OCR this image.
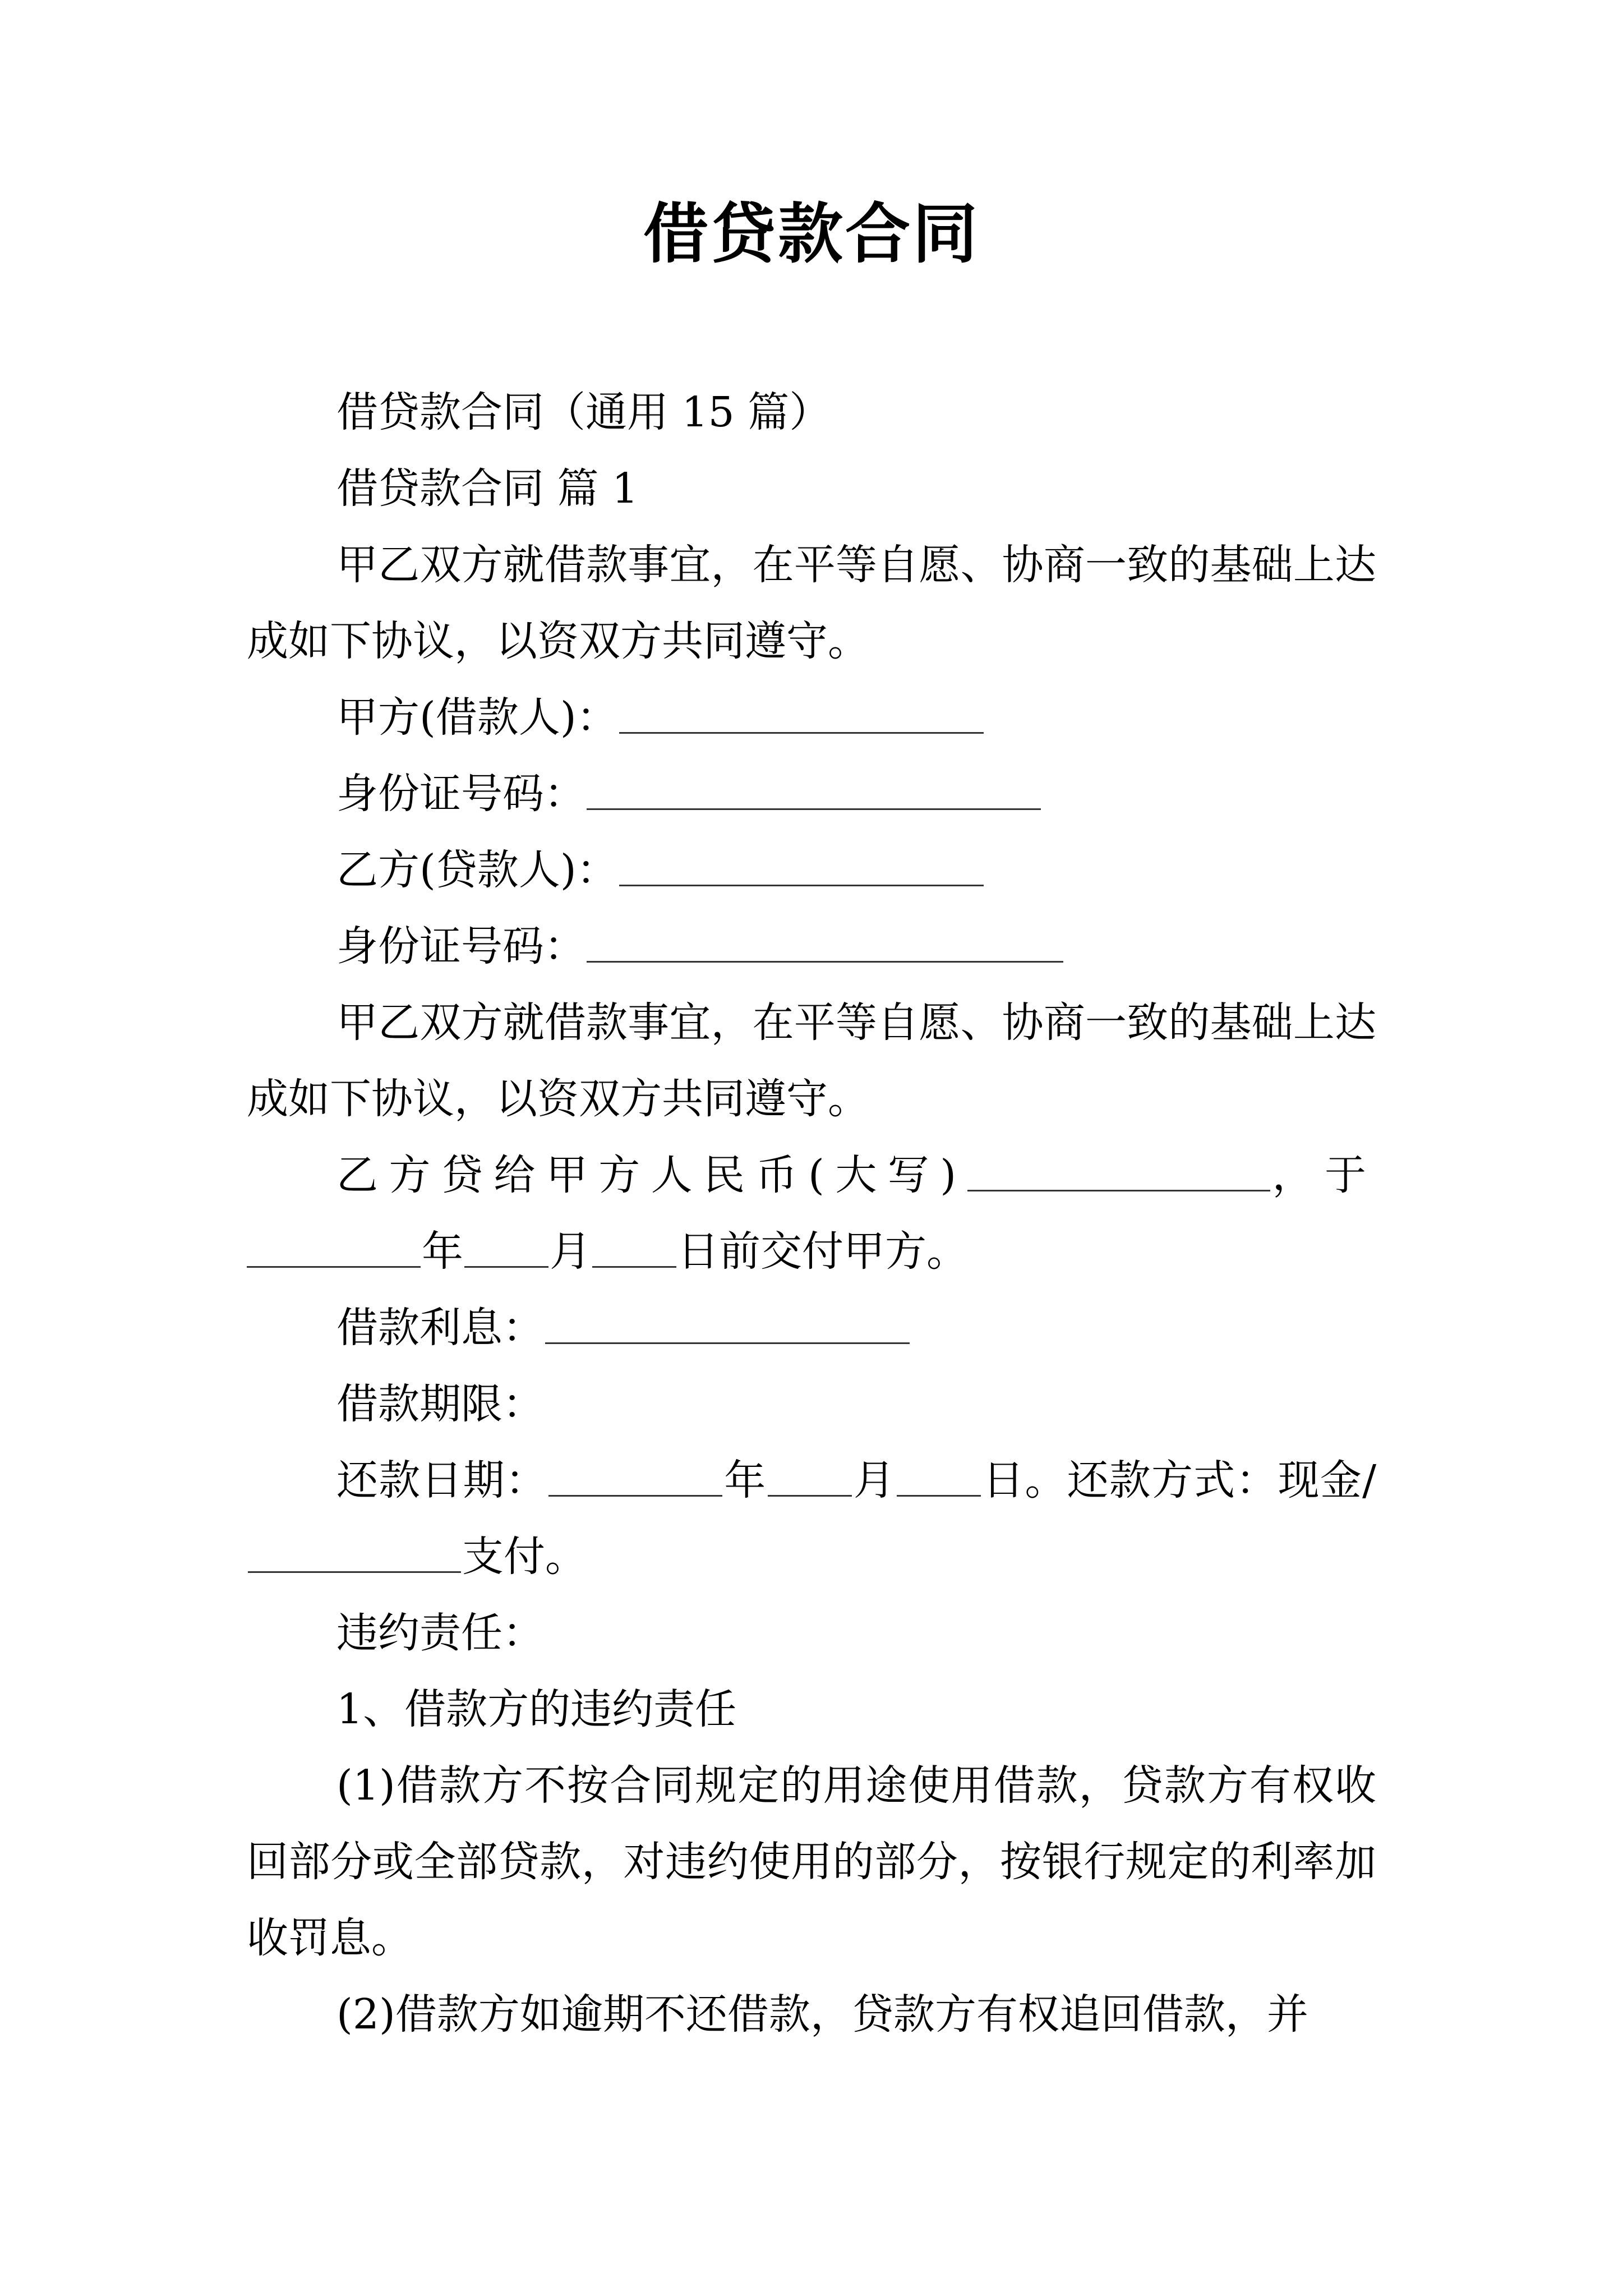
借贷款合同

借贷款合同（通用 15 篇）

借贷款合同 篇 1

甲乙双方就借款事宜，在平等自愿、协商一致的基础上达成如下协议，以资双方共同遵守。

甲方(借款人)：

身份证号码：

乙方(贷款人)：

身份证号码：

甲乙双方就借款事宜，在平等自愿、协商一致的基础上达成如下协议，以资双方共同遵守。

乙方贷给甲方人民币(大写)	，于年 月 日前交付甲方。

借款利息：

借款期限：

还款日期：	年 月 日。还款方式：现金/支付。

违约责任：

1、借款方的违约责任

(1)借款方不按合同规定的用途使用借款，贷款方有权收回部分或全部贷款，对违约使用的部分，按银行规定的利率加收罚息。

(2)借款方如逾期不还借款，贷款方有权追回借款，并
